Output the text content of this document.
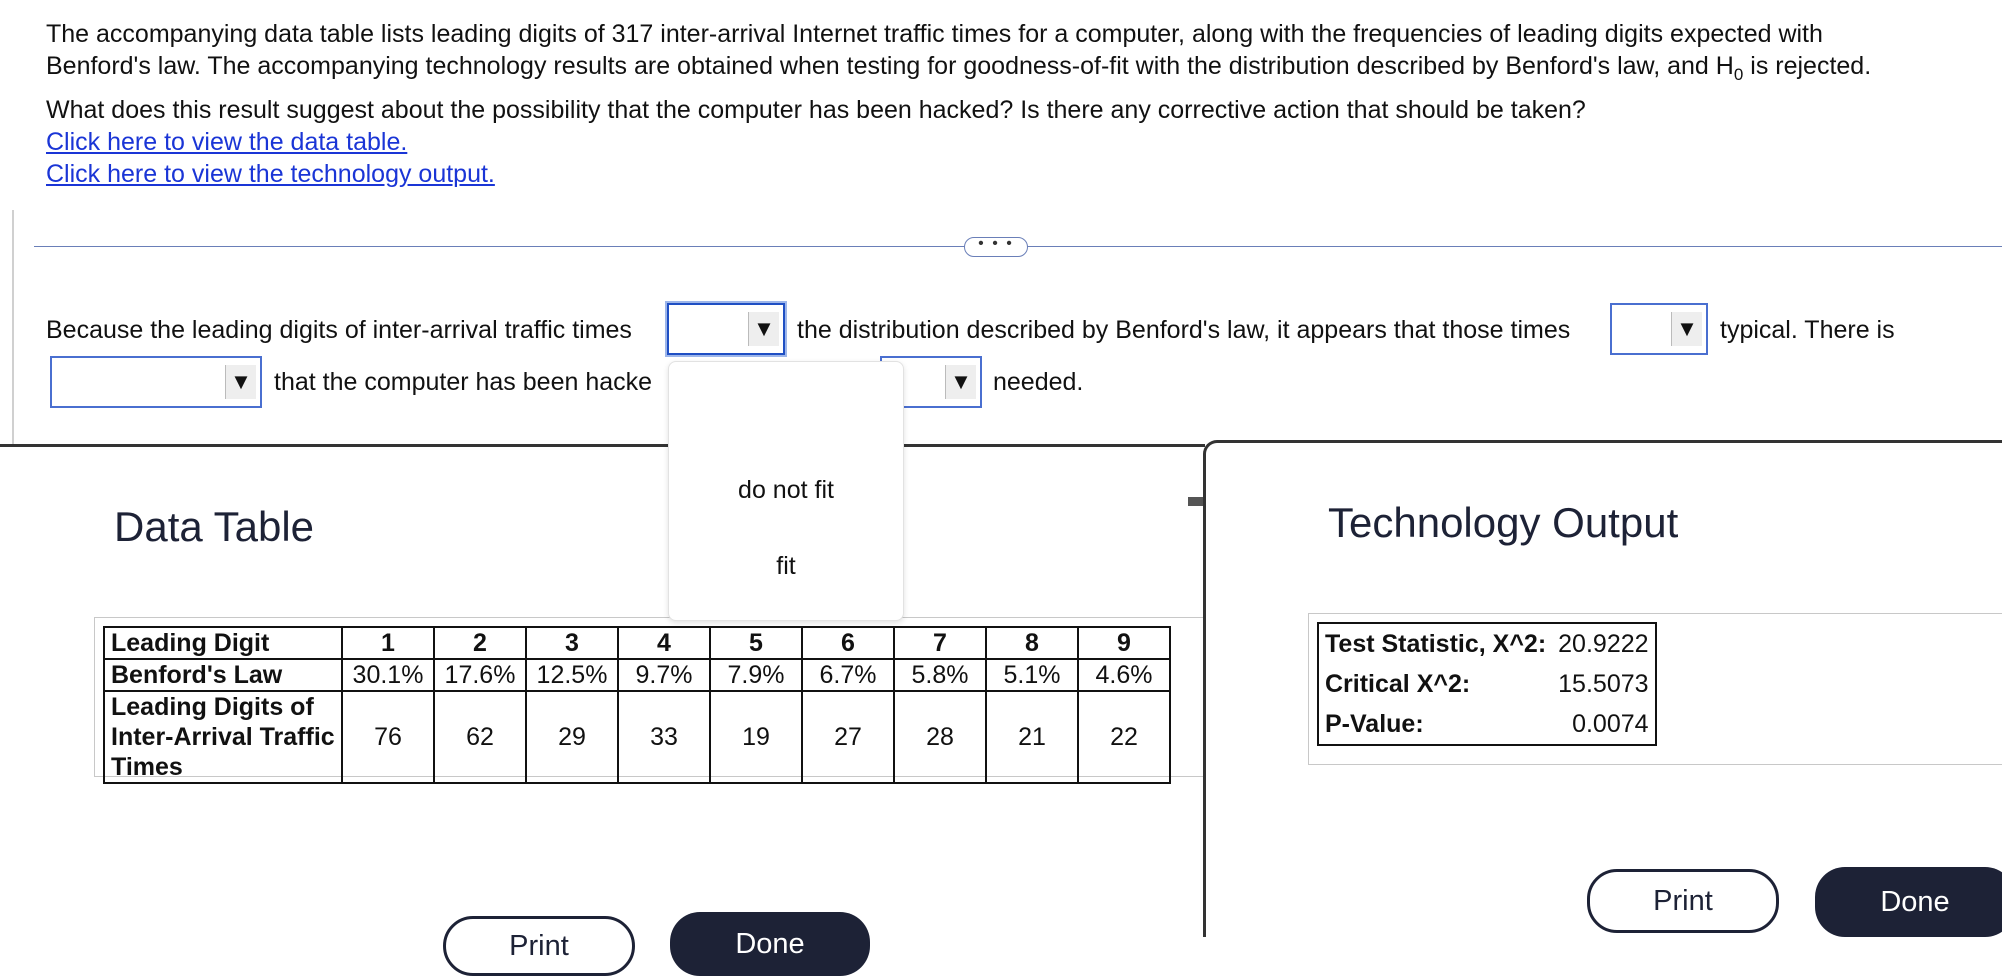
The accompanying data table lists leading digits of 317 inter-arrival Internet traffic times for a computer, along with the frequencies of leading digits expected with

Benford's law. The accompanying technology results are obtained when testing for goodness-of-fit with the distribution described by Benford's law, and $H_0$ is rejected.

What does this result suggest about the possibility that the computer has been hacked? Is there any corrective action that should be taken?

Click here to view the data table.
Click here to view the technology output.
• • •
Because the leading digits of inter-arrival traffic times	▼ the distribution described by Benford's law, it appears that those times	▼ typical. There is
▼ that the computer has been hacke	▼ needed.
Data Table
Leading Digit	1	2	3	4	5	6	7	8	9
Benford's Law	30.1%	17.6%	12.5%	9.7%	7.9%	6.7%	5.8%	5.1%	4.6%
Leading Digits of Inter-Arrival Traffic Times	76	62	29	33	19	27	28	21	22
Print	Done
Technology Output
Test Statistic, X^2:	20.9222
Critical X^2:	15.5073
P-Value:	0.0074
Print	Done
do not fit
fit
